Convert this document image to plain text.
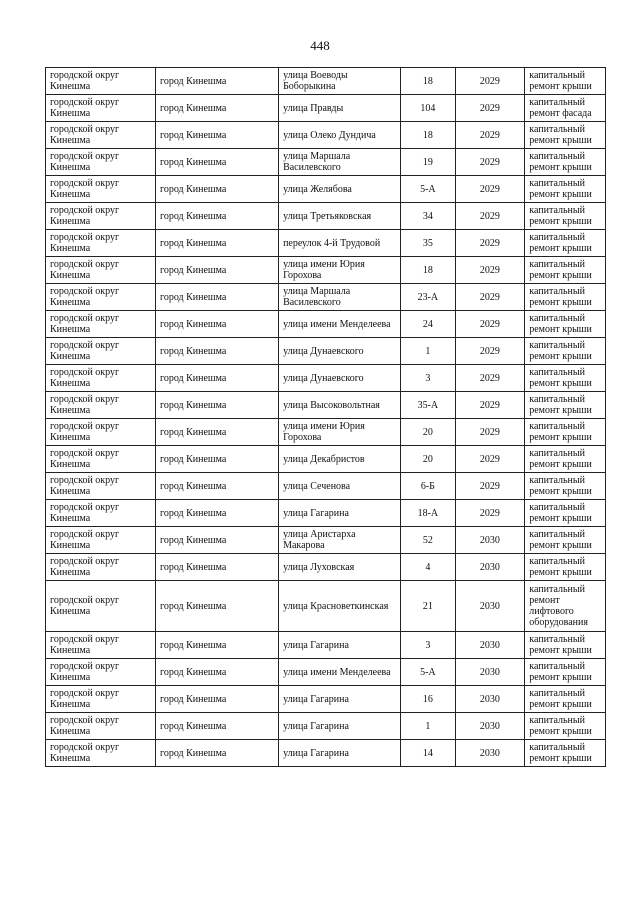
448
городской округ Кинешма	город Кинешма	улица Воеводы Боборыкина	18	2029	капитальный ремонт крыши
городской округ Кинешма	город Кинешма	улица Правды	104	2029	капитальный ремонт фасада
городской округ Кинешма	город Кинешма	улица Олеко Дундича	18	2029	капитальный ремонт крыши
городской округ Кинешма	город Кинешма	улица Маршала Василевского	19	2029	капитальный ремонт крыши
городской округ Кинешма	город Кинешма	улица Желябова	5-А	2029	капитальный ремонт крыши
городской округ Кинешма	город Кинешма	улица Третьяковская	34	2029	капитальный ремонт крыши
городской округ Кинешма	город Кинешма	переулок 4-й Трудовой	35	2029	капитальный ремонт крыши
городской округ Кинешма	город Кинешма	улица имени Юрия Горохова	18	2029	капитальный ремонт крыши
городской округ Кинешма	город Кинешма	улица Маршала Василевского	23-А	2029	капитальный ремонт крыши
городской округ Кинешма	город Кинешма	улица имени Менделеева	24	2029	капитальный ремонт крыши
городской округ Кинешма	город Кинешма	улица Дунаевского	1	2029	капитальный ремонт крыши
городской округ Кинешма	город Кинешма	улица Дунаевского	3	2029	капитальный ремонт крыши
городской округ Кинешма	город Кинешма	улица Высоковольтная	35-А	2029	капитальный ремонт крыши
городской округ Кинешма	город Кинешма	улица имени Юрия Горохова	20	2029	капитальный ремонт крыши
городской округ Кинешма	город Кинешма	улица Декабристов	20	2029	капитальный ремонт крыши
городской округ Кинешма	город Кинешма	улица Сеченова	6-Б	2029	капитальный ремонт крыши
городской округ Кинешма	город Кинешма	улица Гагарина	18-А	2029	капитальный ремонт крыши
городской округ Кинешма	город Кинешма	улица Аристарха Макарова	52	2030	капитальный ремонт крыши
городской округ Кинешма	город Кинешма	улица Луховская	4	2030	капитальный ремонт крыши
городской округ Кинешма	город Кинешма	улица Красноветкинская	21	2030	капитальный ремонт лифтового оборудования
городской округ Кинешма	город Кинешма	улица Гагарина	3	2030	капитальный ремонт крыши
городской округ Кинешма	город Кинешма	улица имени Менделеева	5-А	2030	капитальный ремонт крыши
городской округ Кинешма	город Кинешма	улица Гагарина	16	2030	капитальный ремонт крыши
городской округ Кинешма	город Кинешма	улица Гагарина	1	2030	капитальный ремонт крыши
городской округ Кинешма	город Кинешма	улица Гагарина	14	2030	капитальный ремонт крыши
